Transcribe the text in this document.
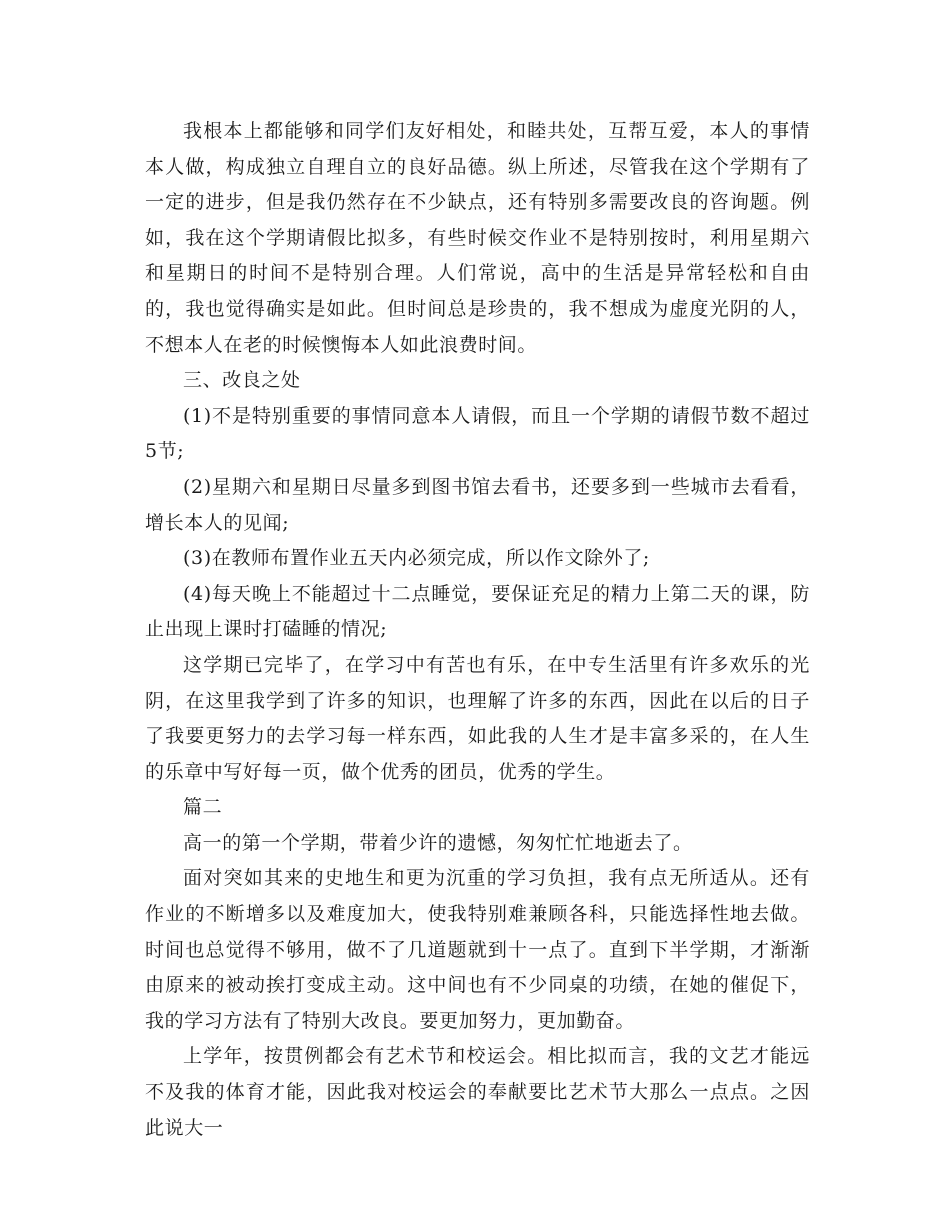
我根本上都能够和同学们友好相处，和睦共处，互帮互爱，本人的事情本人做，构成独立自理自立的良好品德。纵上所述，尽管我在这个学期有了一定的进步，但是我仍然存在不少缺点，还有特别多需要改良的咨询题。例如，我在这个学期请假比拟多，有些时候交作业不是特别按时，利用星期六和星期日的时间不是特别合理。人们常说，高中的生活是异常轻松和自由的，我也觉得确实是如此。但时间总是珍贵的，我不想成为虚度光阴的人，不想本人在老的时候懊悔本人如此浪费时间。

三、改良之处

(1)不是特别重要的事情同意本人请假，而且一个学期的请假节数不超过5节;

(2)星期六和星期日尽量多到图书馆去看书，还要多到一些城市去看看，增长本人的见闻;

(3)在教师布置作业五天内必须完成，所以作文除外了;

(4)每天晚上不能超过十二点睡觉，要保证充足的精力上第二天的课，防止出现上课时打磕睡的情况;

这学期已完毕了，在学习中有苦也有乐，在中专生活里有许多欢乐的光阴，在这里我学到了许多的知识，也理解了许多的东西，因此在以后的日子了我要更努力的去学习每一样东西，如此我的人生才是丰富多采的，在人生的乐章中写好每一页，做个优秀的团员，优秀的学生。

篇二

高一的第一个学期，带着少许的遗憾，匆匆忙忙地逝去了。

面对突如其来的史地生和更为沉重的学习负担，我有点无所适从。还有作业的不断增多以及难度加大，使我特别难兼顾各科，只能选择性地去做。时间也总觉得不够用，做不了几道题就到十一点了。直到下半学期，才渐渐由原来的被动挨打变成主动。这中间也有不少同桌的功绩，在她的催促下，我的学习方法有了特别大改良。要更加努力，更加勤奋。

上学年，按贯例都会有艺术节和校运会。相比拟而言，我的文艺才能远不及我的体育才能，因此我对校运会的奉献要比艺术节大那么一点点。之因此说大一
